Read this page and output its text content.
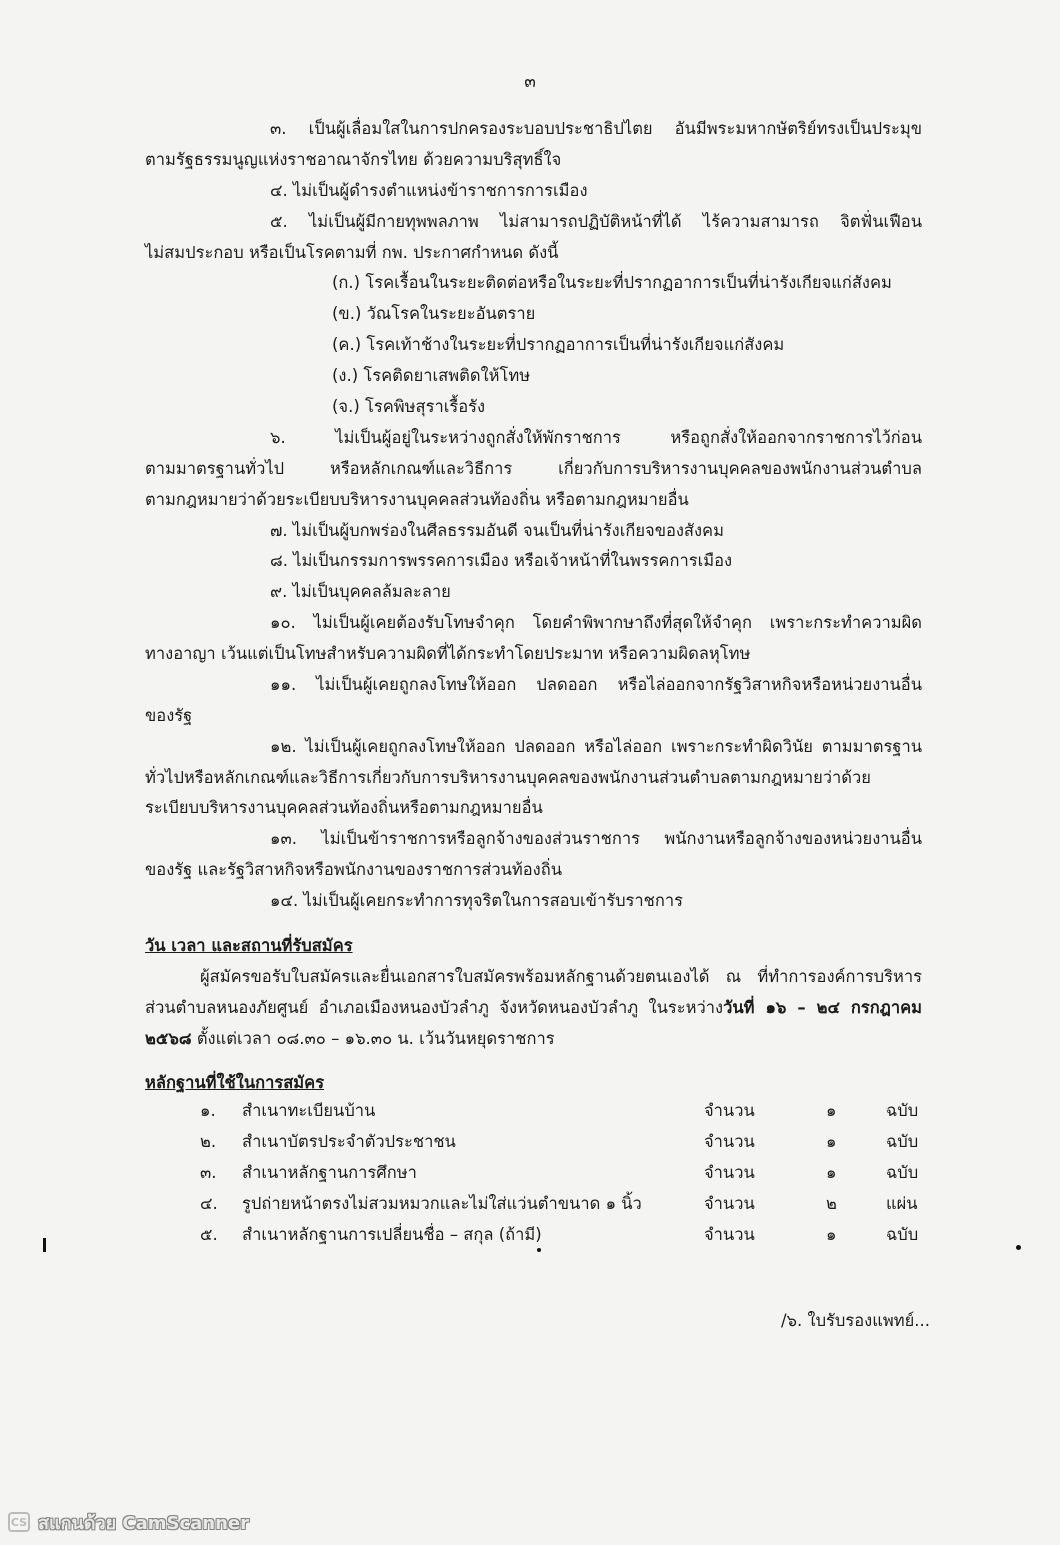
๓
๓. เป็นผู้เลื่อมใสในการปกครองระบอบประชาธิปไตย อันมีพระมหากษัตริย์ทรงเป็นประมุข
ตามรัฐธรรมนูญแห่งราชอาณาจักรไทย ด้วยความบริสุทธิ์ใจ
๔. ไม่เป็นผู้ดำรงตำแหน่งข้าราชการการเมือง
๕. ไม่เป็นผู้มีกายทุพพลภาพ ไม่สามารถปฏิบัติหน้าที่ได้ ไร้ความสามารถ จิตฟั่นเฟือน
ไม่สมประกอบ หรือเป็นโรคตามที่ กพ. ประกาศกำหนด ดังนี้
(ก.) โรคเรื้อนในระยะติดต่อหรือในระยะที่ปรากฏอาการเป็นที่น่ารังเกียจแก่สังคม
(ข.) วัณโรคในระยะอันตราย
(ค.) โรคเท้าช้างในระยะที่ปรากฏอาการเป็นที่น่ารังเกียจแก่สังคม
(ง.) โรคติดยาเสพติดให้โทษ
(จ.) โรคพิษสุราเรื้อรัง
๖. ไม่เป็นผู้อยู่ในระหว่างถูกสั่งให้พักราชการ หรือถูกสั่งให้ออกจากราชการไว้ก่อน
ตามมาตรฐานทั่วไป หรือหลักเกณฑ์และวิธีการ เกี่ยวกับการบริหารงานบุคคลของพนักงานส่วนตำบล
ตามกฎหมายว่าด้วยระเบียบบริหารงานบุคคลส่วนท้องถิ่น หรือตามกฎหมายอื่น
๗. ไม่เป็นผู้บกพร่องในศีลธรรมอันดี จนเป็นที่น่ารังเกียจของสังคม
๘. ไม่เป็นกรรมการพรรคการเมือง หรือเจ้าหน้าที่ในพรรคการเมือง
๙. ไม่เป็นบุคคลล้มละลาย
๑๐. ไม่เป็นผู้เคยต้องรับโทษจำคุก โดยคำพิพากษาถึงที่สุดให้จำคุก เพราะกระทำความผิด
ทางอาญา เว้นแต่เป็นโทษสำหรับความผิดที่ได้กระทำโดยประมาท หรือความผิดลหุโทษ
๑๑. ไม่เป็นผู้เคยถูกลงโทษให้ออก ปลดออก หรือไล่ออกจากรัฐวิสาหกิจหรือหน่วยงานอื่น
ของรัฐ
๑๒. ไม่เป็นผู้เคยถูกลงโทษให้ออก ปลดออก หรือไล่ออก เพราะกระทำผิดวินัย ตามมาตรฐาน
ทั่วไปหรือหลักเกณฑ์และวิธีการเกี่ยวกับการบริหารงานบุคคลของพนักงานส่วนตำบลตามกฎหมายว่าด้วย
ระเบียบบริหารงานบุคคลส่วนท้องถิ่นหรือตามกฎหมายอื่น
๑๓. ไม่เป็นข้าราชการหรือลูกจ้างของส่วนราชการ พนักงานหรือลูกจ้างของหน่วยงานอื่น
ของรัฐ และรัฐวิสาหกิจหรือพนักงานของราชการส่วนท้องถิ่น
๑๔. ไม่เป็นผู้เคยกระทำการทุจริตในการสอบเข้ารับราชการ
วัน เวลา และสถานที่รับสมัคร
ผู้สมัครขอรับใบสมัครและยื่นเอกสารใบสมัครพร้อมหลักฐานด้วยตนเองได้ ณ ที่ทำการองค์การบริหาร
ส่วนตำบลหนองภัยศูนย์ อำเภอเมืองหนองบัวลำภู จังหวัดหนองบัวลำภู ในระหว่างวันที่ ๑๖ – ๒๔ กรกฎาคม
๒๕๖๘ ตั้งแต่เวลา ๐๘.๓๐ – ๑๖.๓๐ น. เว้นวันหยุดราชการ
หลักฐานที่ใช้ในการสมัคร
๑. สำเนาทะเบียนบ้าน	จำนวน	๑	ฉบับ
๒. สำเนาบัตรประจำตัวประชาชน	จำนวน	๑	ฉบับ
๓. สำเนาหลักฐานการศึกษา	จำนวน	๑	ฉบับ
๔. รูปถ่ายหน้าตรงไม่สวมหมวกและไม่ใส่แว่นตำขนาด ๑ นิ้ว	จำนวน	๒	แผ่น
๕. สำเนาหลักฐานการเปลี่ยนชื่อ – สกุล (ถ้ามี)	จำนวน	๑	ฉบับ
/๖. ใบรับรองแพทย์...
CS สแกนด้วย CamScanner
